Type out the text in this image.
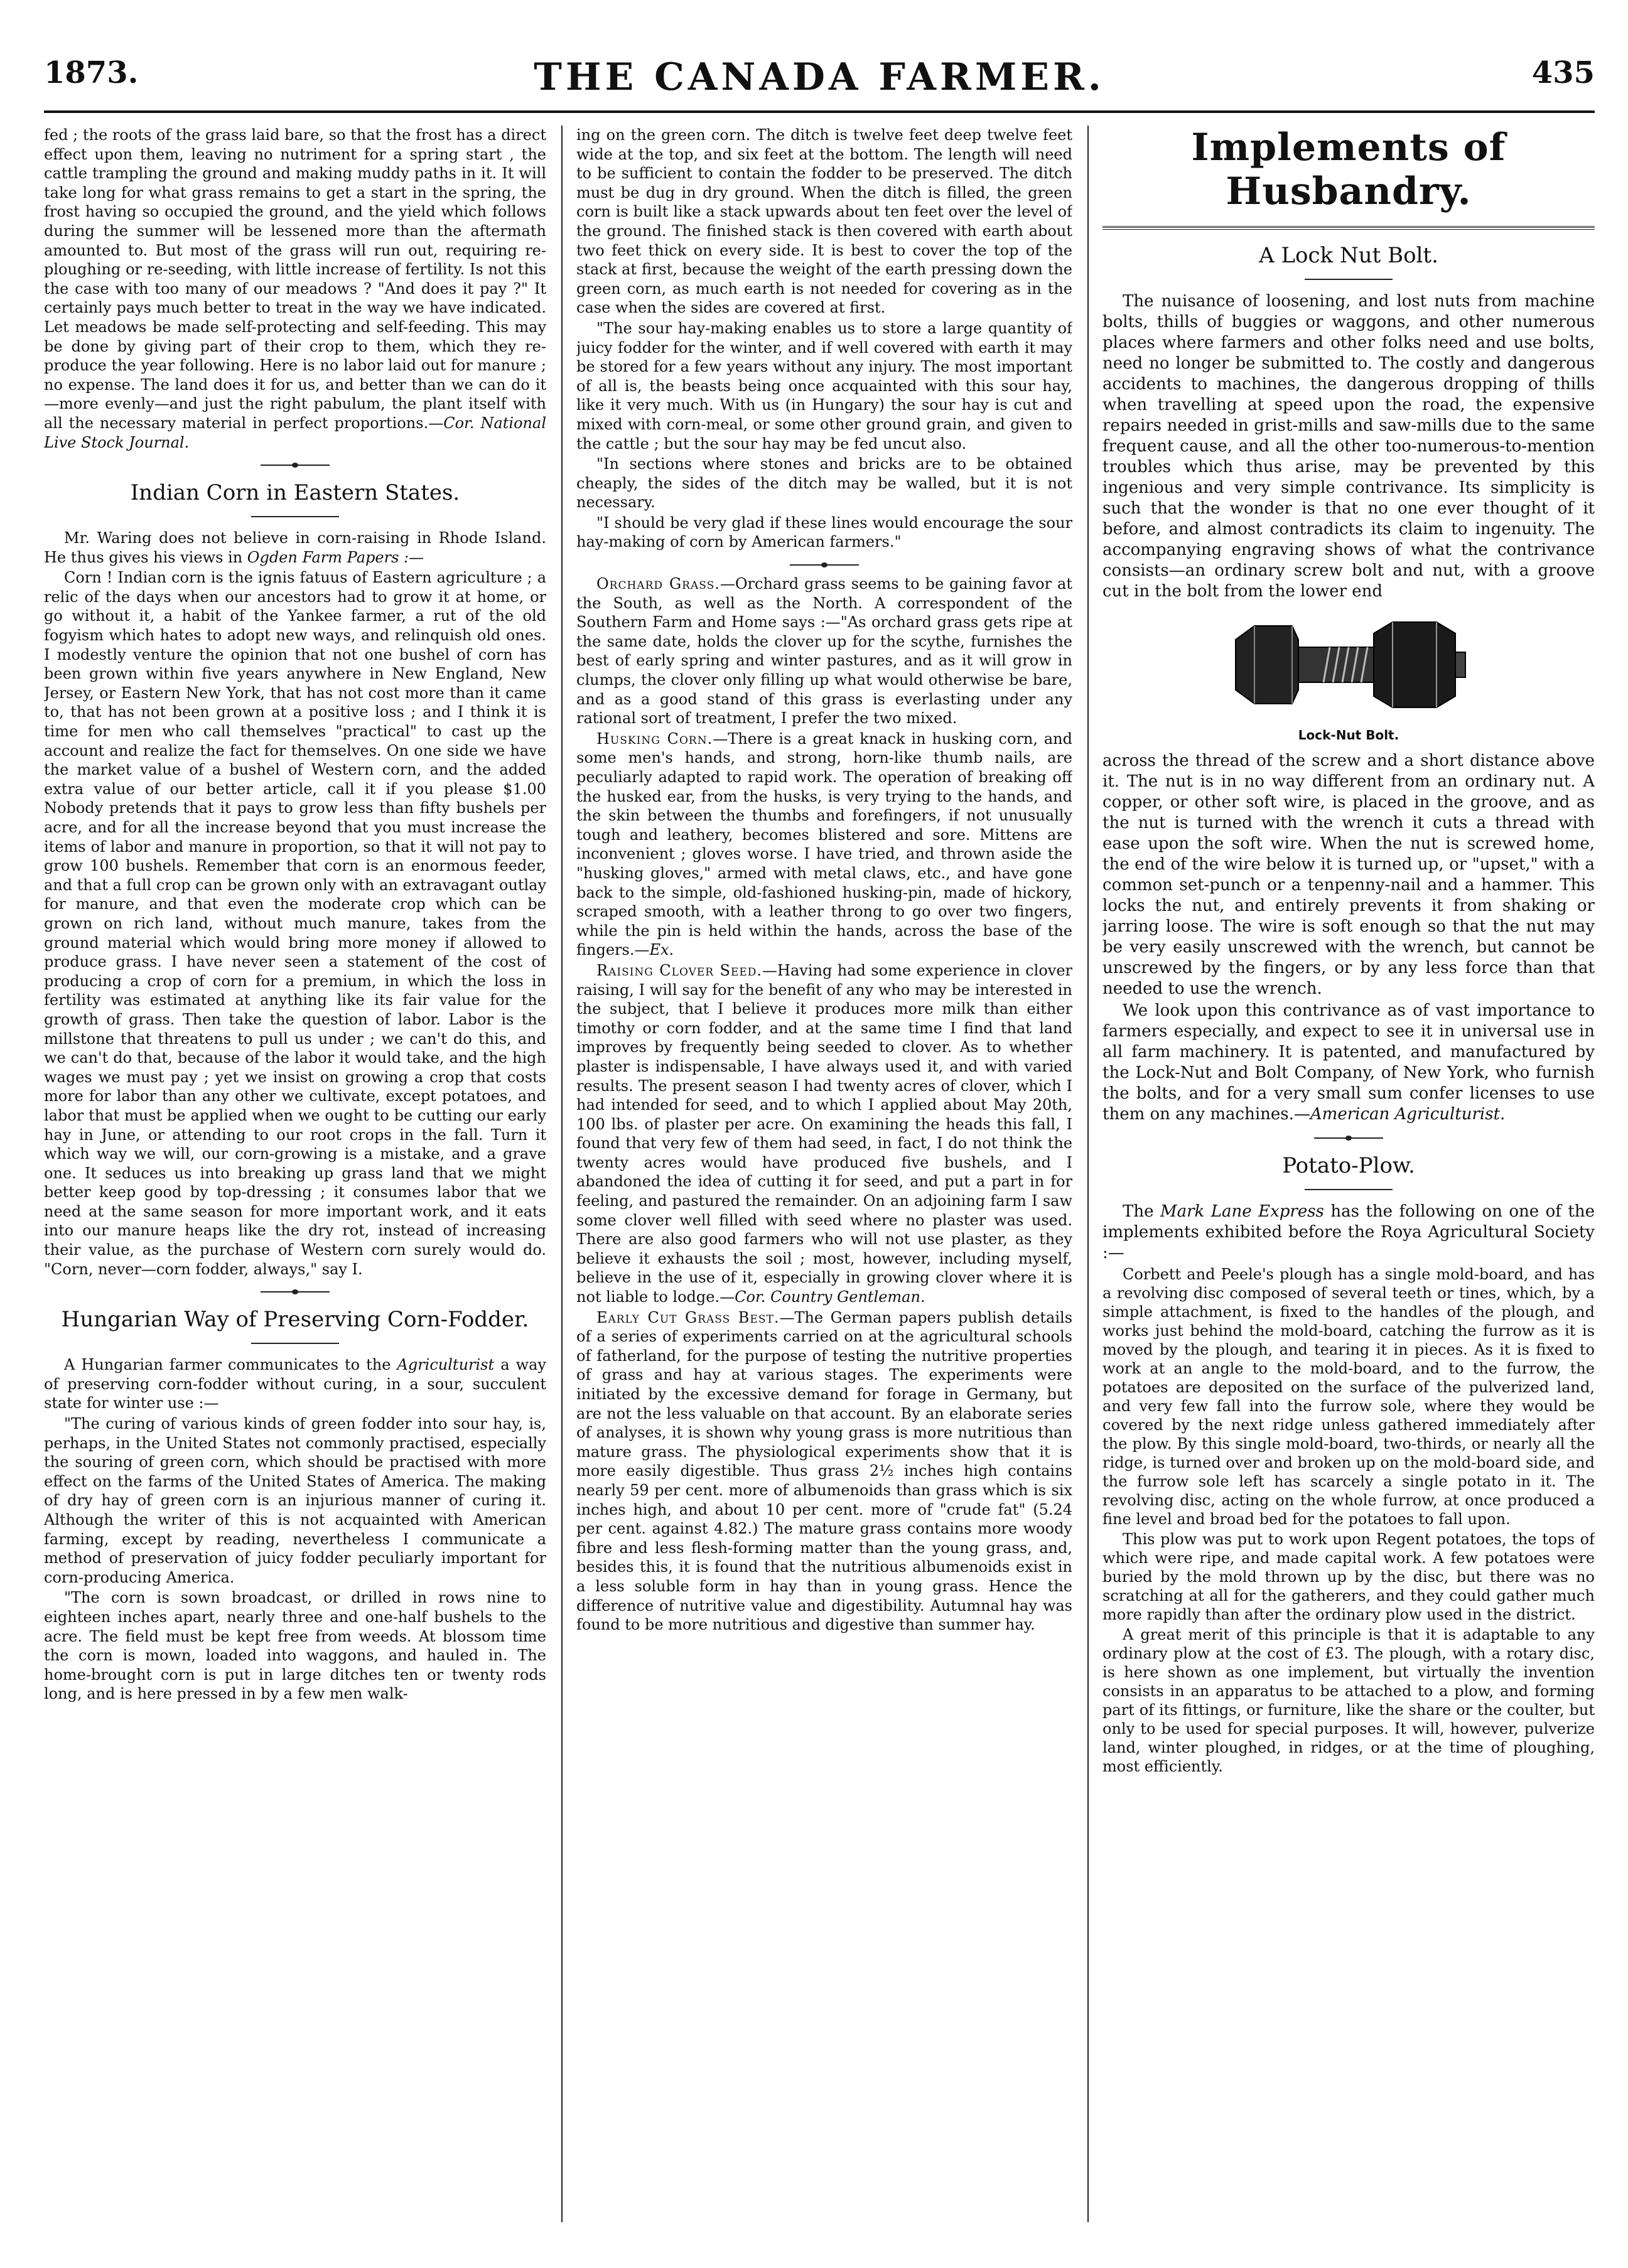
1873.	THE CANADA FARMER.	435

fed ; the roots of the grass laid bare, so that the frost has a direct effect upon them, leaving no nutriment for a spring start , the cattle trampling the ground and making muddy paths in it. It will take long for what grass remains to get a start in the spring, the frost having so occupied the ground, and the yield which follows during the summer will be lessened more than the aftermath amounted to. But most of the grass will run out, requiring re-ploughing or re-seeding, with little increase of fertility. Is not this the case with too many of our meadows ? "And does it pay ?" It certainly pays much better to treat in the way we have indicated. Let meadows be made self-protecting and self-feeding. This may be done by giving part of their crop to them, which they re-produce the year following. Here is no labor laid out for manure ; no expense. The land does it for us, and better than we can do it—more evenly—and just the right pabulum, the plant itself with all the necessary material in perfect proportions.—Cor. National Live Stock Journal.

Indian Corn in Eastern States.

Mr. Waring does not believe in corn-raising in Rhode Island. He thus gives his views in Ogden Farm Papers :—

Corn ! Indian corn is the ignis fatuus of Eastern agriculture ; a relic of the days when our ancestors had to grow it at home, or go without it, a habit of the Yankee farmer, a rut of the old fogyism which hates to adopt new ways, and relinquish old ones. I modestly venture the opinion that not one bushel of corn has been grown within five years anywhere in New England, New Jersey, or Eastern New York, that has not cost more than it came to, that has not been grown at a positive loss ; and I think it is time for men who call themselves "practical" to cast up the account and realize the fact for themselves. On one side we have the market value of a bushel of Western corn, and the added extra value of our better article, call it if you please $1.00 Nobody pretends that it pays to grow less than fifty bushels per acre, and for all the increase beyond that you must increase the items of labor and manure in proportion, so that it will not pay to grow 100 bushels. Remember that corn is an enormous feeder, and that a full crop can be grown only with an extravagant outlay for manure, and that even the moderate crop which can be grown on rich land, without much manure, takes from the ground material which would bring more money if allowed to produce grass. I have never seen a statement of the cost of producing a crop of corn for a premium, in which the loss in fertility was estimated at anything like its fair value for the growth of grass. Then take the question of labor. Labor is the millstone that threatens to pull us under ; we can't do this, and we can't do that, because of the labor it would take, and the high wages we must pay ; yet we insist on growing a crop that costs more for labor than any other we cultivate, except potatoes, and labor that must be applied when we ought to be cutting our early hay in June, or attending to our root crops in the fall. Turn it which way we will, our corn-growing is a mistake, and a grave one. It seduces us into breaking up grass land that we might better keep good by top-dressing ; it consumes labor that we need at the same season for more important work, and it eats into our manure heaps like the dry rot, instead of increasing their value, as the purchase of Western corn surely would do. "Corn, never—corn fodder, always," say I.

Hungarian Way of Preserving Corn-Fodder.

A Hungarian farmer communicates to the Agriculturist a way of preserving corn-fodder without curing, in a sour, succulent state for winter use :—

"The curing of various kinds of green fodder into sour hay, is, perhaps, in the United States not commonly practised, especially the souring of green corn, which should be practised with more effect on the farms of the United States of America. The making of dry hay of green corn is an injurious manner of curing it. Although the writer of this is not acquainted with American farming, except by reading, nevertheless I communicate a method of preservation of juicy fodder peculiarly important for corn-producing America.

"The corn is sown broadcast, or drilled in rows nine to eighteen inches apart, nearly three and one-half bushels to the acre. The field must be kept free from weeds. At blossom time the corn is mown, loaded into waggons, and hauled in. The home-brought corn is put in large ditches ten or twenty rods long, and is here pressed in by a few men walk-

ing on the green corn. The ditch is twelve feet deep twelve feet wide at the top, and six feet at the bottom. The length will need to be sufficient to contain the fodder to be preserved. The ditch must be dug in dry ground. When the ditch is filled, the green corn is built like a stack upwards about ten feet over the level of the ground. The finished stack is then covered with earth about two feet thick on every side. It is best to cover the top of the stack at first, because the weight of the earth pressing down the green corn, as much earth is not needed for covering as in the case when the sides are covered at first.

"The sour hay-making enables us to store a large quantity of juicy fodder for the winter, and if well covered with earth it may be stored for a few years without any injury. The most important of all is, the beasts being once acquainted with this sour hay, like it very much. With us (in Hungary) the sour hay is cut and mixed with corn-meal, or some other ground grain, and given to the cattle ; but the sour hay may be fed uncut also.

"In sections where stones and bricks are to be obtained cheaply, the sides of the ditch may be walled, but it is not necessary.

"I should be very glad if these lines would encourage the sour hay-making of corn by American farmers."

Orchard Grass.—Orchard grass seems to be gaining favor at the South, as well as the North. A correspondent of the Southern Farm and Home says :—"As orchard grass gets ripe at the same date, holds the clover up for the scythe, furnishes the best of early spring and winter pastures, and as it will grow in clumps, the clover only filling up what would otherwise be bare, and as a good stand of this grass is everlasting under any rational sort of treatment, I prefer the two mixed.

Husking Corn.—There is a great knack in husking corn, and some men's hands, and strong, horn-like thumb nails, are peculiarly adapted to rapid work. The operation of breaking off the husked ear, from the husks, is very trying to the hands, and the skin between the thumbs and forefingers, if not unusually tough and leathery, becomes blistered and sore. Mittens are inconvenient ; gloves worse. I have tried, and thrown aside the "husking gloves," armed with metal claws, etc., and have gone back to the simple, old-fashioned husking-pin, made of hickory, scraped smooth, with a leather throng to go over two fingers, while the pin is held within the hands, across the base of the fingers.—Ex.

Raising Clover Seed.—Having had some experience in clover raising, I will say for the benefit of any who may be interested in the subject, that I believe it produces more milk than either timothy or corn fodder, and at the same time I find that land improves by frequently being seeded to clover. As to whether plaster is indispensable, I have always used it, and with varied results. The present season I had twenty acres of clover, which I had intended for seed, and to which I applied about May 20th, 100 lbs. of plaster per acre. On examining the heads this fall, I found that very few of them had seed, in fact, I do not think the twenty acres would have produced five bushels, and I abandoned the idea of cutting it for seed, and put a part in for feeling, and pastured the remainder. On an adjoining farm I saw some clover well filled with seed where no plaster was used. There are also good farmers who will not use plaster, as they believe it exhausts the soil ; most, however, including myself, believe in the use of it, especially in growing clover where it is not liable to lodge.—Cor. Country Gentleman.

Early Cut Grass Best.—The German papers publish details of a series of experiments carried on at the agricultural schools of fatherland, for the purpose of testing the nutritive properties of grass and hay at various stages. The experiments were initiated by the excessive demand for forage in Germany, but are not the less valuable on that account. By an elaborate series of analyses, it is shown why young grass is more nutritious than mature grass. The physiological experiments show that it is more easily digestible. Thus grass 2½ inches high contains nearly 59 per cent. more of albumenoids than grass which is six inches high, and about 10 per cent. more of "crude fat" (5.24 per cent. against 4.82.) The mature grass contains more woody fibre and less flesh-forming matter than the young grass, and, besides this, it is found that the nutritious albumenoids exist in a less soluble form in hay than in young grass. Hence the difference of nutritive value and digestibility. Autumnal hay was found to be more nutritious and digestive than summer hay.

Implements of Husbandry.
A Lock Nut Bolt.

The nuisance of loosening, and lost nuts from machine bolts, thills of buggies or waggons, and other numerous places where farmers and other folks need and use bolts, need no longer be submitted to. The costly and dangerous accidents to machines, the dangerous dropping of thills when travelling at speed upon the road, the expensive repairs needed in grist-mills and saw-mills due to the same frequent cause, and all the other too-numerous-to-mention troubles which thus arise, may be prevented by this ingenious and very simple contrivance. Its simplicity is such that the wonder is that no one ever thought of it before, and almost contradicts its claim to ingenuity. The accompanying engraving shows of what the contrivance consists—an ordinary screw bolt and nut, with a groove cut in the bolt from the lower end

Lock-Nut Bolt.

across the thread of the screw and a short distance above it. The nut is in no way different from an ordinary nut. A copper, or other soft wire, is placed in the groove, and as the nut is turned with the wrench it cuts a thread with ease upon the soft wire. When the nut is screwed home, the end of the wire below it is turned up, or "upset," with a common set-punch or a tenpenny-nail and a hammer. This locks the nut, and entirely prevents it from shaking or jarring loose. The wire is soft enough so that the nut may be very easily unscrewed with the wrench, but cannot be unscrewed by the fingers, or by any less force than that needed to use the wrench.

We look upon this contrivance as of vast importance to farmers especially, and expect to see it in universal use in all farm machinery. It is patented, and manufactured by the Lock-Nut and Bolt Company, of New York, who furnish the bolts, and for a very small sum confer licenses to use them on any machines.—American Agriculturist.

Potato-Plow.

The Mark Lane Express has the following on one of the implements exhibited before the Roya Agricultural Society :—

Corbett and Peele's plough has a single mold-board, and has a revolving disc composed of several teeth or tines, which, by a simple attachment, is fixed to the handles of the plough, and works just behind the mold-board, catching the furrow as it is moved by the plough, and tearing it in pieces. As it is fixed to work at an angle to the mold-board, and to the furrow, the potatoes are deposited on the surface of the pulverized land, and very few fall into the furrow sole, where they would be covered by the next ridge unless gathered immediately after the plow. By this single mold-board, two-thirds, or nearly all the ridge, is turned over and broken up on the mold-board side, and the furrow sole left has scarcely a single potato in it. The revolving disc, acting on the whole furrow, at once produced a fine level and broad bed for the potatoes to fall upon.

This plow was put to work upon Regent potatoes, the tops of which were ripe, and made capital work. A few potatoes were buried by the mold thrown up by the disc, but there was no scratching at all for the gatherers, and they could gather much more rapidly than after the ordinary plow used in the district.

A great merit of this principle is that it is adaptable to any ordinary plow at the cost of £3. The plough, with a rotary disc, is here shown as one implement, but virtually the invention consists in an apparatus to be attached to a plow, and forming part of its fittings, or furniture, like the share or the coulter, but only to be used for special purposes. It will, however, pulverize land, winter ploughed, in ridges, or at the time of ploughing, most efficiently.
